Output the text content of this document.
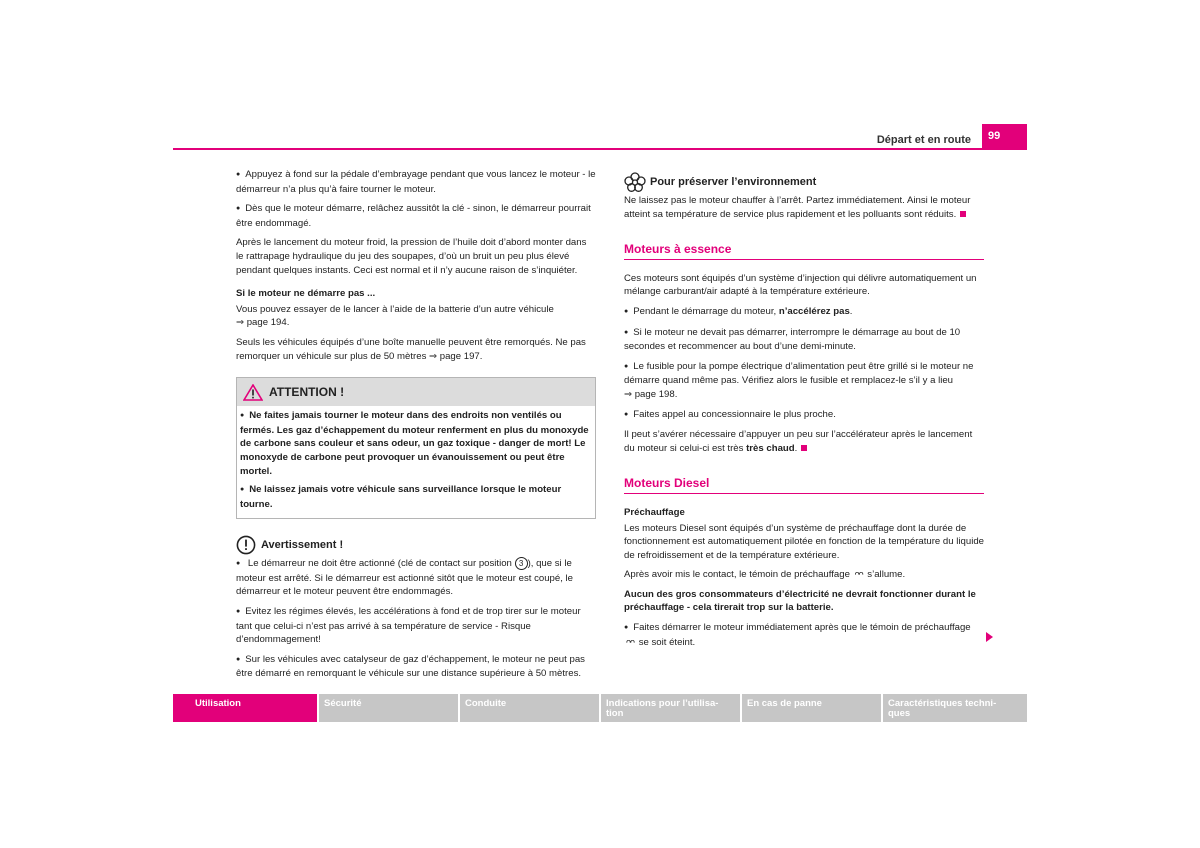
Départ et en route	99

● Appuyez à fond sur la pédale d’embrayage pendant que vous lancez le moteur - le démarreur n’a plus qu’à faire tourner le moteur.

● Dès que le moteur démarre, relâchez aussitôt la clé - sinon, le démarreur pourrait être endommagé.

Après le lancement du moteur froid, la pression de l’huile doit d’abord monter dans le rattrapage hydraulique du jeu des soupapes, d’où un bruit un peu plus élevé pendant quelques instants. Ceci est normal et il n’y aucune raison de s’inquiéter.

Si le moteur ne démarre pas ...

Vous pouvez essayer de le lancer à l’aide de la batterie d’un autre véhicule
⇒ page 194.

Seuls les véhicules équipés d’une boîte manuelle peuvent être remorqués. Ne pas remorquer un véhicule sur plus de 50 mètres ⇒ page 197.

ATTENTION !

● Ne faites jamais tourner le moteur dans des endroits non ventilés ou fermés. Les gaz d’échappement du moteur renferment en plus du monoxyde de carbone sans couleur et sans odeur, un gaz toxique - danger de mort! Le monoxyde de carbone peut provoquer un évanouissement ou peut être mortel.

● Ne laissez jamais votre véhicule sans surveillance lorsque le moteur tourne.

Avertissement !

● Le démarreur ne doit être actionné (clé de contact sur position 3 ), que si le moteur est arrêté. Si le démarreur est actionné sitôt que le moteur est coupé, le démarreur et le moteur peuvent être endommagés.

● Evitez les régimes élevés, les accélérations à fond et de trop tirer sur le moteur tant que celui-ci n’est pas arrivé à sa température de service - Risque d’endommagement!

● Sur les véhicules avec catalyseur de gaz d’échappement, le moteur ne peut pas être démarré en remorquant le véhicule sur une distance supérieure à 50 mètres.

Pour préserver l’environnement

Ne laissez pas le moteur chauffer à l’arrêt. Partez immédiatement. Ainsi le moteur atteint sa température de service plus rapidement et les polluants sont réduits.

Moteurs à essence

Ces moteurs sont équipés d’un système d’injection qui délivre automatiquement un mélange carburant/air adapté à la température extérieure.

● Pendant le démarrage du moteur, n’accélérez pas.

● Si le moteur ne devait pas démarrer, interrompre le démarrage au bout de 10 secondes et recommencer au bout d’une demi-minute.

● Le fusible pour la pompe électrique d’alimentation peut être grillé si le moteur ne démarre quand même pas. Vérifiez alors le fusible et remplacez-le s’il y a lieu
⇒ page 198.

● Faites appel au concessionnaire le plus proche.

Il peut s’avérer nécessaire d’appuyer un peu sur l’accélérateur après le lancement du moteur si celui-ci est très très chaud.

Moteurs Diesel
Préchauffage

Les moteurs Diesel sont équipés d’un système de préchauffage dont la durée de fonctionnement est automatiquement pilotée en fonction de la température du liquide de refroidissement et de la température extérieure.

Après avoir mis le contact, le témoin de préchauffage ᴖᴖ s’allume.

Aucun des gros consommateurs d’électricité ne devrait fonctionner durant le préchauffage - cela tirerait trop sur la batterie.

● Faites démarrer le moteur immédiatement après que le témoin de préchauffage ᴖᴖ se soit éteint.

Utilisation	Sécurité	Conduite	Indications pour l’utilisa-
tion
En cas de panne	Caractéristiques techni-
ques
